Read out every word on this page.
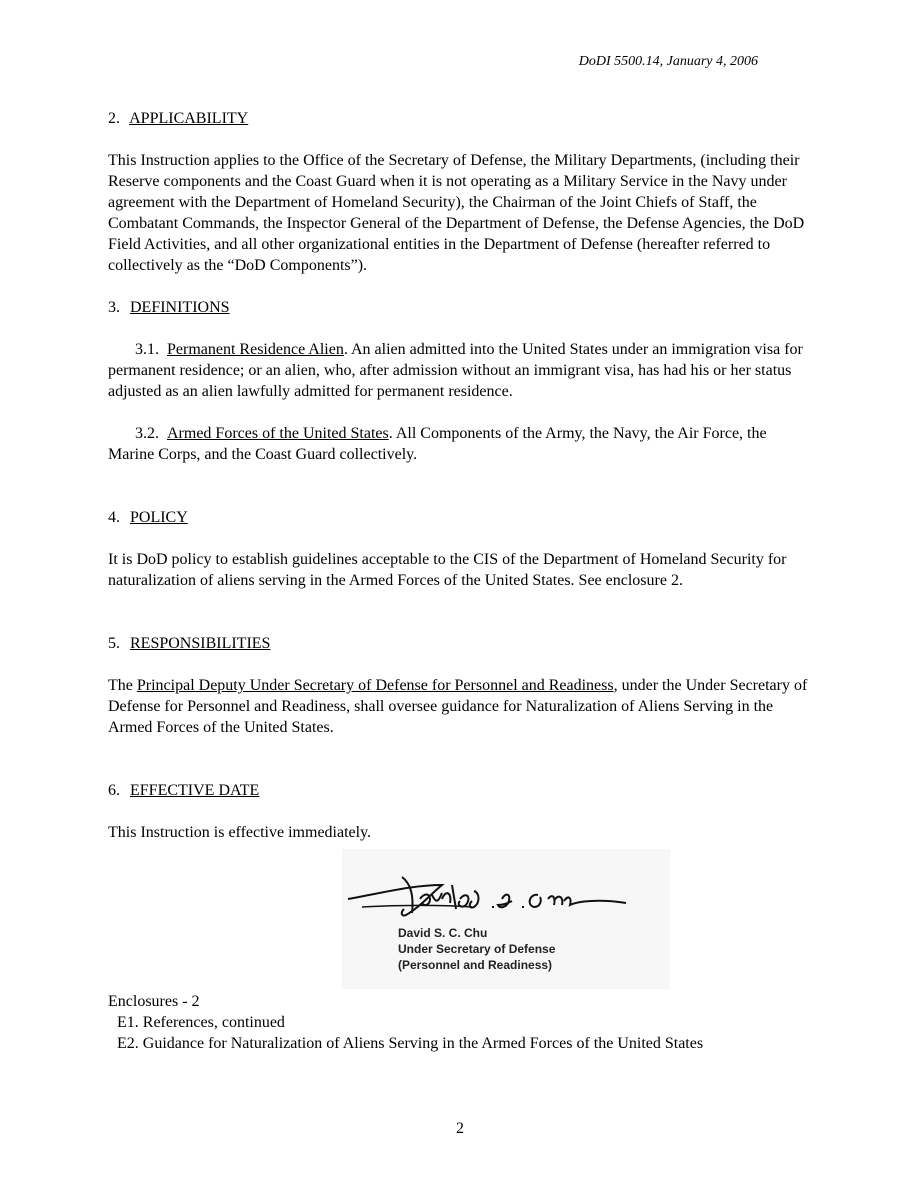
DoDI 5500.14, January 4, 2006
2. APPLICABILITY

This Instruction applies to the Office of the Secretary of Defense, the Military Departments, (including their Reserve components and the Coast Guard when it is not operating as a Military Service in the Navy under agreement with the Department of Homeland Security), the Chairman of the Joint Chiefs of Staff, the Combatant Commands, the Inspector General of the Department of Defense, the Defense Agencies, the DoD Field Activities, and all other organizational entities in the Department of Defense (hereafter referred to collectively as the “DoD Components”).

3. DEFINITIONS

3.1. Permanent Residence Alien. An alien admitted into the United States under an immigration visa for permanent residence; or an alien, who, after admission without an immigrant visa, has had his or her status adjusted as an alien lawfully admitted for permanent residence.

3.2. Armed Forces of the United States. All Components of the Army, the Navy, the Air Force, the Marine Corps, and the Coast Guard collectively.

4. POLICY

It is DoD policy to establish guidelines acceptable to the CIS of the Department of Homeland Security for naturalization of aliens serving in the Armed Forces of the United States. See enclosure 2.

5. RESPONSIBILITIES

The Principal Deputy Under Secretary of Defense for Personnel and Readiness, under the Under Secretary of Defense for Personnel and Readiness, shall oversee guidance for Naturalization of Aliens Serving in the Armed Forces of the United States.

6. EFFECTIVE DATE

This Instruction is effective immediately.

David S. C. Chu
Under Secretary of Defense
(Personnel and Readiness)
Enclosures - 2
E1. References, continued
E2. Guidance for Naturalization of Aliens Serving in the Armed Forces of the United States
2
